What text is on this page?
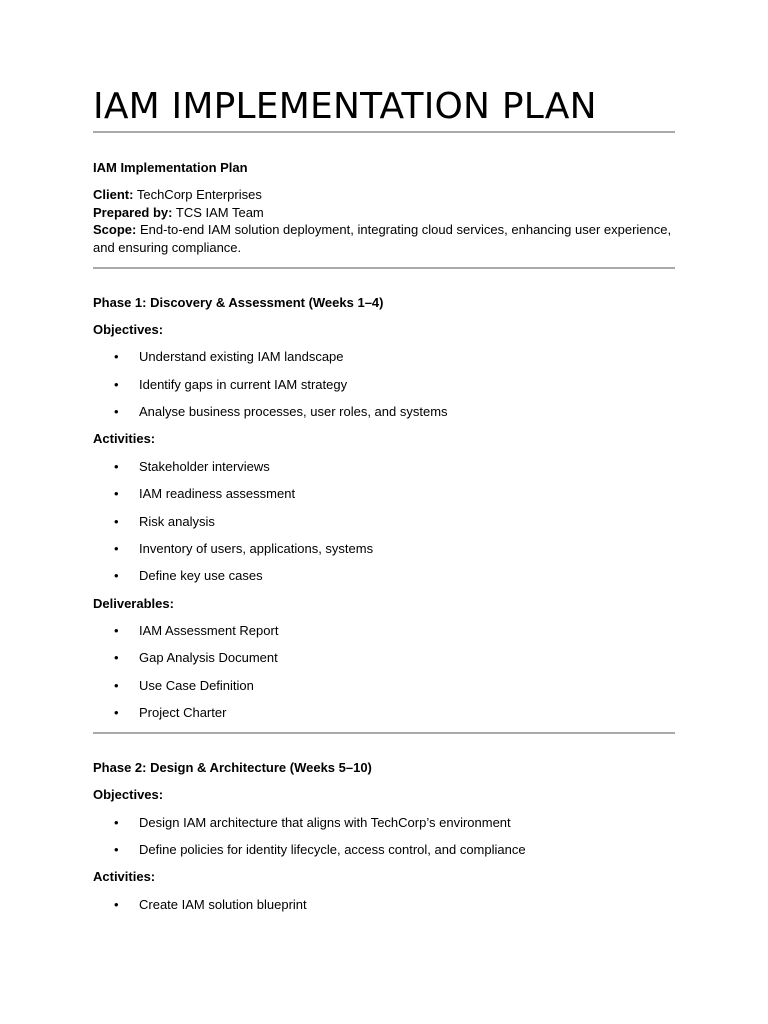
IAM IMPLEMENTATION PLAN
IAM Implementation Plan
Client: TechCorp Enterprises
Prepared by: TCS IAM Team
Scope: End-to-end IAM solution deployment, integrating cloud services, enhancing user experience, and ensuring compliance.
Phase 1: Discovery & Assessment (Weeks 1–4)
Objectives:
• Understand existing IAM landscape
• Identify gaps in current IAM strategy
• Analyse business processes, user roles, and systems
Activities:
• Stakeholder interviews
• IAM readiness assessment
• Risk analysis
• Inventory of users, applications, systems
• Define key use cases
Deliverables:
• IAM Assessment Report
• Gap Analysis Document
• Use Case Definition
• Project Charter
Phase 2: Design & Architecture (Weeks 5–10)
Objectives:
• Design IAM architecture that aligns with TechCorp’s environment
• Define policies for identity lifecycle, access control, and compliance
Activities:
• Create IAM solution blueprint
